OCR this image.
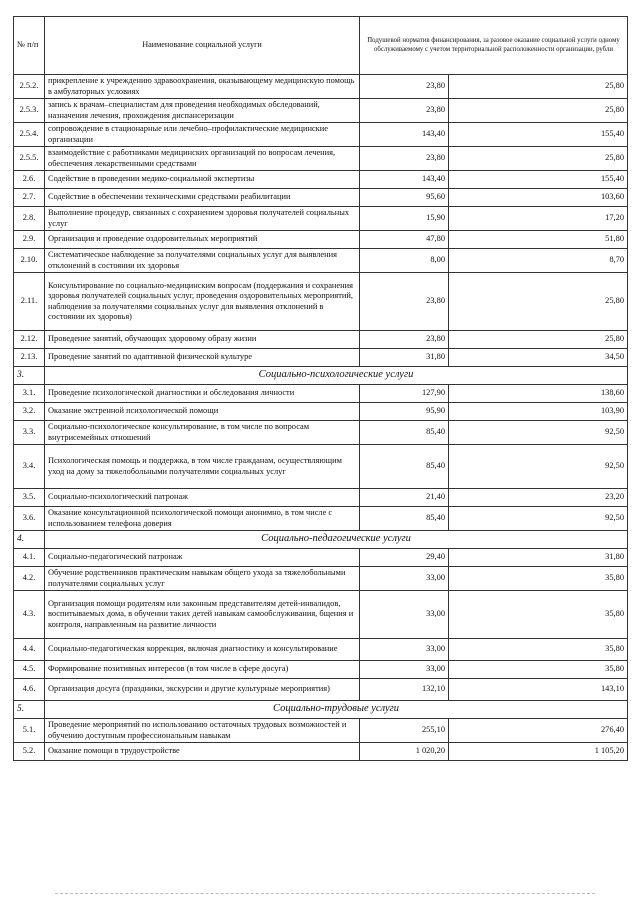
№ п/п	Наименование социальной услуги	Подушевой норматив финансирования, за разовое оказание социальной услуги одному обслуживаемому с учетом территориальной расположенности организации, рубли	
2.5.2.	прикрепление к учреждению здравоохранения, оказывающему медицинскую помощь в амбулаторных условиях	23,80	25,80
2.5.3.	запись к врачам–специалистам для проведения необходимых обследований, назначения лечения, прохождения диспансеризации	23,80	25,80
2.5.4.	сопровождение в стационарные или лечебно–профилактические медицинские организации	143,40	155,40
2.5.5.	взаимодействие с работниками медицинских организаций по вопросам лечения, обеспечения лекарственными средствами	23,80	25,80
2.6.	Содействие в проведении медико-социальной экспертизы	143,40	155,40
2.7.	Содействие в обеспечении техническими средствами реабилитации	95,60	103,60
2.8.	Выполнение процедур, связанных с сохранением здоровья получателей социальных услуг	15,90	17,20
2.9.	Организация и проведение оздоровительных мероприятий	47,80	51,80
2.10.	Систематическое наблюдение за получателями социальных услуг для выявления отклонений в состоянии их здоровья	8,00	8,70
2.11.	Консультирование по социально-медицинским вопросам (поддержания и сохранения здоровья получателей социальных услуг, проведения оздоровительных мероприятий, наблюдения за получателями социальных услуг для выявления отклонений в состоянии их здоровья)	23,80	25,80
2.12.	Проведение занятий, обучающих здоровому образу жизни	23,80	25,80
2.13.	Проведение занятий по адаптивной физической культуре	31,80	34,50
3.	Социально-психологические услуги		
3.1.	Проведение психологической диагностики и обследования личности	127,90	138,60
3.2.	Оказание экстренной психологической помощи	95,90	103,90
3.3.	Социально-психологическое консультирование, в том числе по вопросам внутрисемейных отношений	85,40	92,50
3.4.	Психологическая помощь и поддержка, в том числе гражданам, осуществляющим уход на дому за тяжелобольными получателями социальных услуг	85,40	92,50
3.5.	Социально-психологический патронаж	21,40	23,20
3.6.	Оказание консультационной психологической помощи анонимно, в том числе с использованием телефона доверия	85,40	92,50
4.	Социально-педагогические услуги		
4.1.	Социально-педагогический патронаж	29,40	31,80
4.2.	Обучение родственников практическим навыкам общего ухода за тяжелобольными получателями социальных услуг	33,00	35,80
4.3.	Организация помощи родителям или законным представителям детей-инвалидов, воспитываемых дома, в обучении таких детей навыкам самообслуживания, бщения и контроля, направленным на развитие личности	33,00	35,80
4.4.	Социально-педагогическая коррекция, включая диагностику и консультирование	33,00	35,80
4.5.	Формирование позитивных интересов (в том числе в сфере досуга)	33,00	35,80
4.6.	Организация досуга (праздники, экскурсии и другие культурные мероприятия)	132,10	143,10
5.	Социально-трудовые услуги		
5.1.	Проведение мероприятий по использованию остаточных трудовых возможностей и обучению доступным профессиональным навыкам	255,10	276,40
5.2.	Оказание помощи в трудоустройстве	1 020,20	1 105,20
